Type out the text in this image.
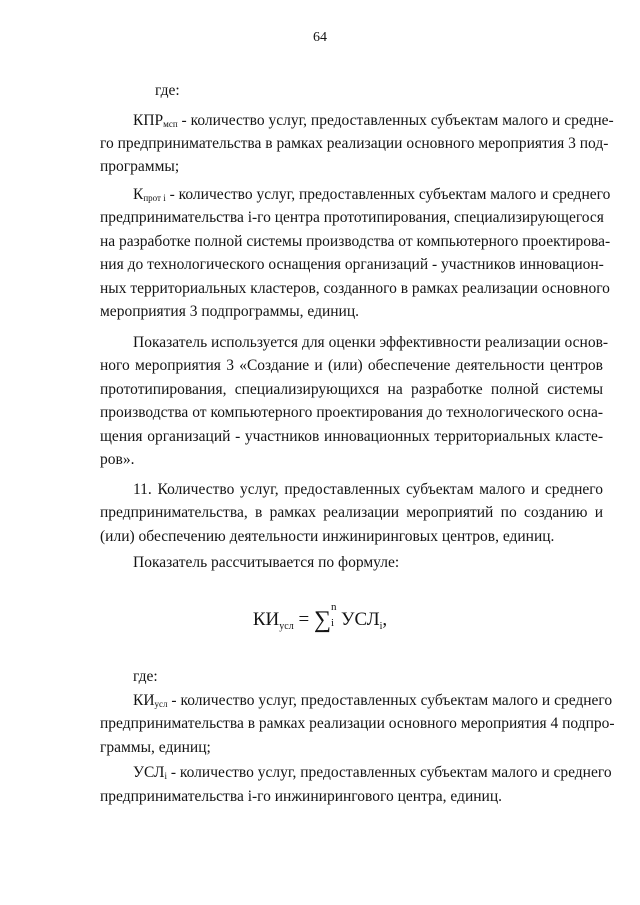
64
где:
$КПР_{мсп}$ - количество услуг, предоставленных субъектам малого и средне-
го предпринимательства в рамках реализации основного мероприятия 3 под-
программы;
$К_{прот i}$ - количество услуг, предоставленных субъектам малого и среднего
предпринимательства i-го центра прототипирования, специализирующегося
на разработке полной системы производства от компьютерного проектирова-
ния до технологического оснащения организаций - участников инновацион-
ных территориальных кластеров, созданного в рамках реализации основного
мероприятия 3 подпрограммы, единиц.
Показатель используется для оценки эффективности реализации основ-
ного мероприятия 3 «Создание и (или) обеспечение деятельности центров
прототипирования, специализирующихся на разработке полной системы
производства от компьютерного проектирования до технологического осна-
щения организаций - участников инновационных территориальных класте-
ров».
11. Количество услуг, предоставленных субъектам малого и среднего
предпринимательства, в рамках реализации мероприятий по созданию и
(или) обеспечению деятельности инжиниринговых центров, единиц.
Показатель рассчитывается по формуле:
$КИ_{усл}$ = ∑ n
i $УСЛ_i$,
где:
$КИ_{усл}$ - количество услуг, предоставленных субъектам малого и среднего
предпринимательства в рамках реализации основного мероприятия 4 подпро-
граммы, единиц;
$УСЛ_i$ - количество услуг, предоставленных субъектам малого и среднего
предпринимательства i-го инжинирингового центра, единиц.
